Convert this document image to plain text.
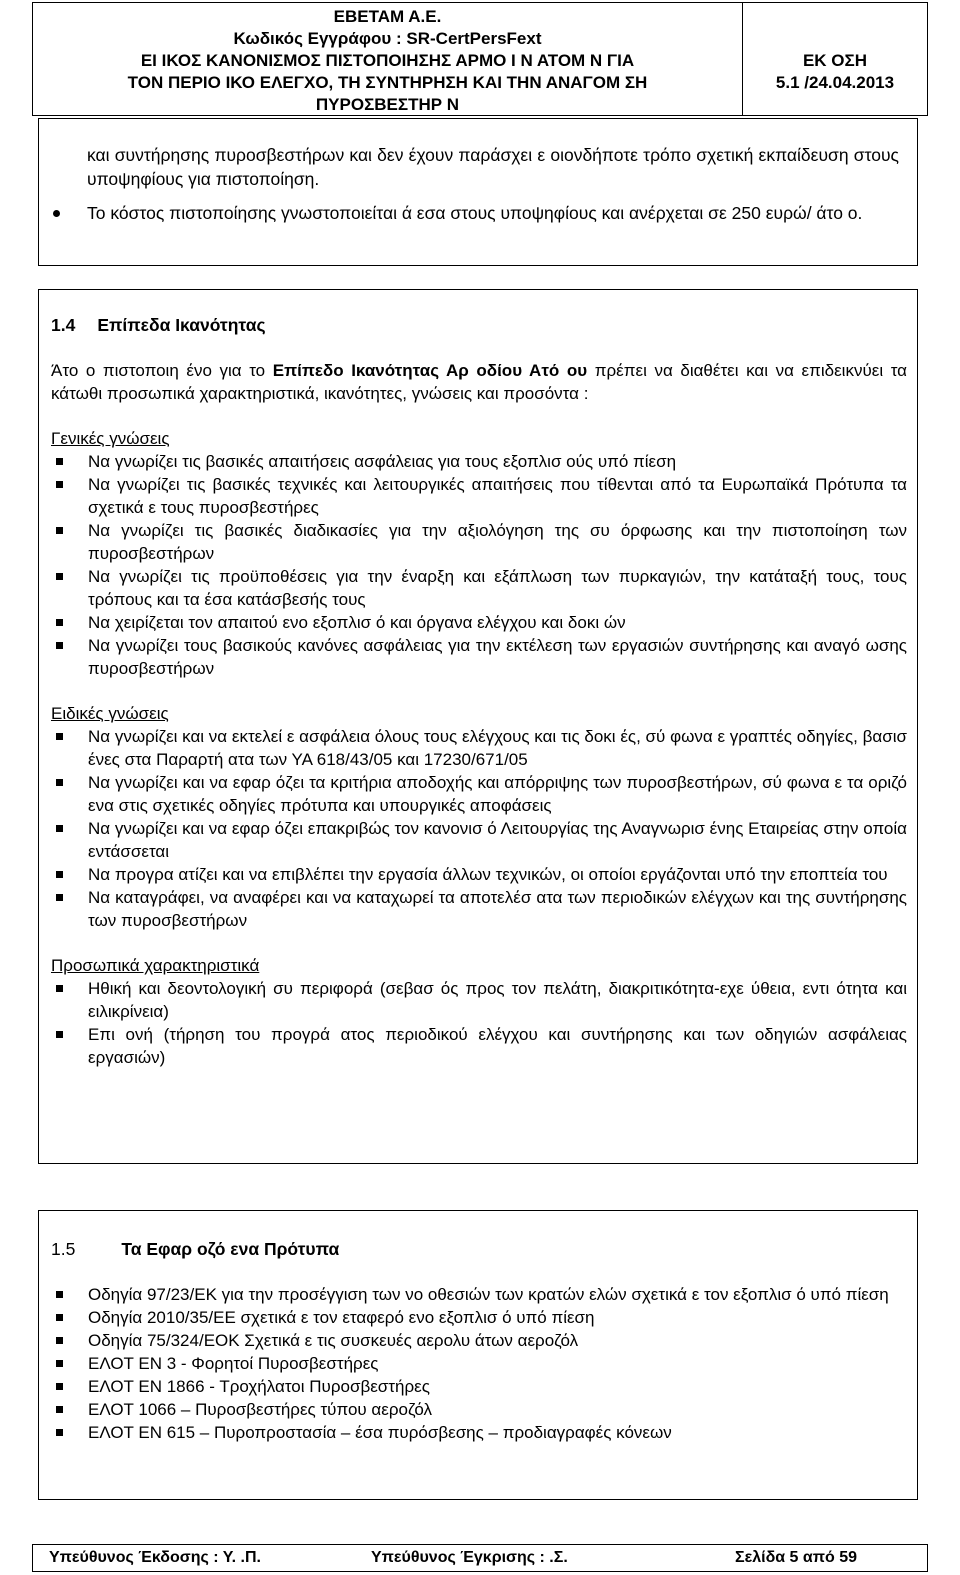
ΕΒΕΤΑΜ Α.Ε.
Κωδικός Εγγράφου : SR-CertPersFext
ΕΙ ΙΚΟΣ ΚΑΝΟΝΙΣΜΟΣ ΠΙΣΤΟΠΟΙΗΣΗΣ ΑΡΜΟ Ι Ν ΑΤΟΜ Ν ΓΙΑ
ΤΟΝ ΠΕΡΙΟ ΙΚΟ ΕΛΕΓΧΟ, ΤΗ ΣΥΝΤΗΡΗΣΗ ΚΑΙ ΤΗΝ ΑΝΑΓΟΜ ΣΗ
ΠΥΡΟΣΒΕΣΤΗΡ Ν
ΕΚ ΟΣΗ
5.1 /24.04.2013

και συντήρησης πυροσβεστήρων και δεν έχουν παράσχει ε οιονδήποτε τρόπο σχετική εκπαίδευση στους υποψηφίους για πιστοποίηση.

Το κόστος πιστοποίησης γνωστοποιείται ά εσα στους υποψηφίους και ανέρχεται σε 250 ευρώ/ άτο ο.

1.4 Επίπεδα Ικανότητας

Άτο ο πιστοποιη ένο για το Επίπεδο Ικανότητας Αρ οδίου Ατό ου πρέπει να διαθέτει και να επιδεικνύει τα κάτωθι προσωπικά χαρακτηριστικά, ικανότητες, γνώσεις και προσόντα :

Γενικές γνώσεις

Να γνωρίζει τις βασικές απαιτήσεις ασφάλειας για τους εξοπλισ ούς υπό πίεση
Να γνωρίζει τις βασικές τεχνικές και λειτουργικές απαιτήσεις που τίθενται από τα Ευρωπαϊκά Πρότυπα τα σχετικά ε τους πυροσβεστήρες
Να γνωρίζει τις βασικές διαδικασίες για την αξιολόγηση της συ όρφωσης και την πιστοποίηση των πυροσβεστήρων
Να γνωρίζει τις προϋποθέσεις για την έναρξη και εξάπλωση των πυρκαγιών, την κατάταξή τους, τους τρόπους και τα έσα κατάσβεσής τους
Να χειρίζεται τον απαιτού ενο εξοπλισ ό και όργανα ελέγχου και δοκι ών
Να γνωρίζει τους βασικούς κανόνες ασφάλειας για την εκτέλεση των εργασιών συντήρησης και αναγό ωσης πυροσβεστήρων

Ειδικές γνώσεις

Να γνωρίζει και να εκτελεί ε ασφάλεια όλους τους ελέγχους και τις δοκι ές, σύ φωνα ε γραπτές οδηγίες, βασισ ένες στα Παραρτή ατα των ΥΑ 618/43/05 και 17230/671/05
Να γνωρίζει και να εφαρ όζει τα κριτήρια αποδοχής και απόρριψης των πυροσβεστήρων, σύ φωνα ε τα οριζό ενα στις σχετικές οδηγίες πρότυπα και υπουργικές αποφάσεις
Να γνωρίζει και να εφαρ όζει επακριβώς τον κανονισ ό Λειτουργίας της Αναγνωρισ ένης Εταιρείας στην οποία εντάσσεται
Να προγρα ατίζει και να επιβλέπει την εργασία άλλων τεχνικών, οι οποίοι εργάζονται υπό την εποπτεία του
Να καταγράφει, να αναφέρει και να καταχωρεί τα αποτελέσ ατα των περιοδικών ελέγχων και της συντήρησης των πυροσβεστήρων

Προσωπικά χαρακτηριστικά

Ηθική και δεοντολογική συ περιφορά (σεβασ ός προς τον πελάτη, διακριτικότητα-εχε ύθεια, εντι ότητα και ειλικρίνεια)
Επι ονή (τήρηση του προγρά ατος περιοδικού ελέγχου και συντήρησης και των οδηγιών ασφάλειας εργασιών)

1.5	Τα Εφαρ οζό ενα Πρότυπα

Οδηγία 97/23/ΕΚ για την προσέγγιση των νο οθεσιών των κρατών ελών σχετικά ε τον εξοπλισ ό υπό πίεση
Οδηγία 2010/35/ΕΕ σχετικά ε τον εταφερό ενο εξοπλισ ό υπό πίεση
Οδηγία 75/324/ΕΟΚ Σχετικά ε τις συσκευές αερολυ άτων αεροζόλ
ΕΛΟΤ ΕΝ 3 - Φορητοί Πυροσβεστήρες
ΕΛΟΤ ΕΝ 1866 - Τροχήλατοι Πυροσβεστήρες
ΕΛΟΤ 1066 – Πυροσβεστήρες τύπου αεροζόλ
ΕΛΟΤ ΕΝ 615 – Πυροπροστασία – έσα πυρόσβεσης – προδιαγραφές κόνεων
Υπεύθυνος Έκδοσης : Υ. .Π.	Υπεύθυνος Έγκρισης : .Σ.	Σελίδα 5 από 59
